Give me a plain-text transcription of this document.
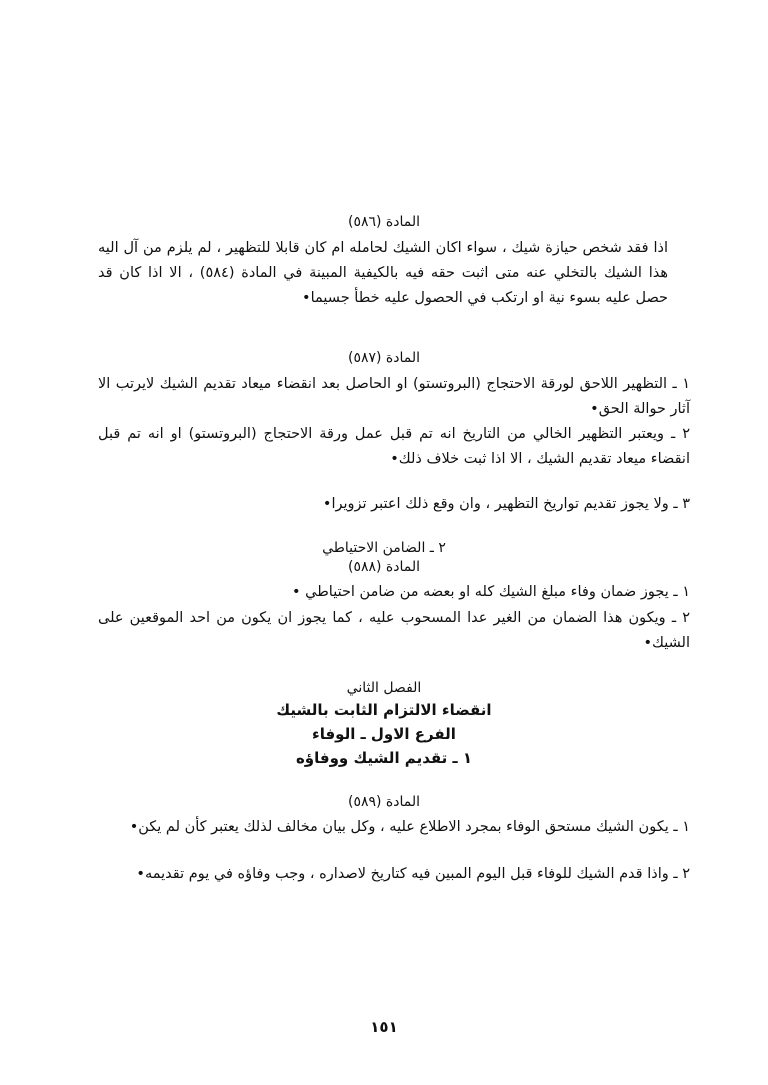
المادة (٥٨٦)

اذا فقد شخص حيازة شيك ، سواء اكان الشيك لحامله ام كان قابلا للتظهير ، لم يلزم من آل اليه هذا الشيك بالتخلي عنه متى اثبت حقه فيه بالكيفية المبينة في المادة (٥٨٤) ، الا اذا كان قد حصل عليه بسوء نية او ارتكب في الحصول عليه خطأ جسيما•

المادة (٥٨٧)

١ ـ التظهير اللاحق لورقة الاحتجاج (البروتستو) او الحاصل بعد انقضاء ميعاد تقديم الشيك لايرتب الا آثار حوالة الحق•

٢ ـ ويعتبر التظهير الخالي من التاريخ انه تم قبل عمل ورقة الاحتجاج (البروتستو) او انه تم قبل انقضاء ميعاد تقديم الشيك ، الا اذا ثبت خلاف ذلك•

٣ ـ ولا يجوز تقديم تواريخ التظهير ، وان وقع ذلك اعتبر تزويرا•

٢ ـ الضامن الاحتياطي
المادة (٥٨٨)

١ ـ يجوز ضمان وفاء مبلغ الشيك كله او بعضه من ضامن احتياطي •

٢ ـ ويكون هذا الضمان من الغير عدا المسحوب عليه ، كما يجوز ان يكون من احد الموقعين على الشيك•

الفصل الثاني
انقضاء الالتزام الثابت بالشيك
الفرع الاول ـ الوفاء
١ ـ تقديم الشيك ووفاؤه
المادة (٥٨٩)

١ ـ يكون الشيك مستحق الوفاء بمجرد الاطلاع عليه ، وكل بيان مخالف لذلك يعتبر كأن لم يكن•

٢ ـ واذا قدم الشيك للوفاء قبل اليوم المبين فيه كتاريخ لاصداره ، وجب وفاؤه في يوم تقديمه•

١٥١
